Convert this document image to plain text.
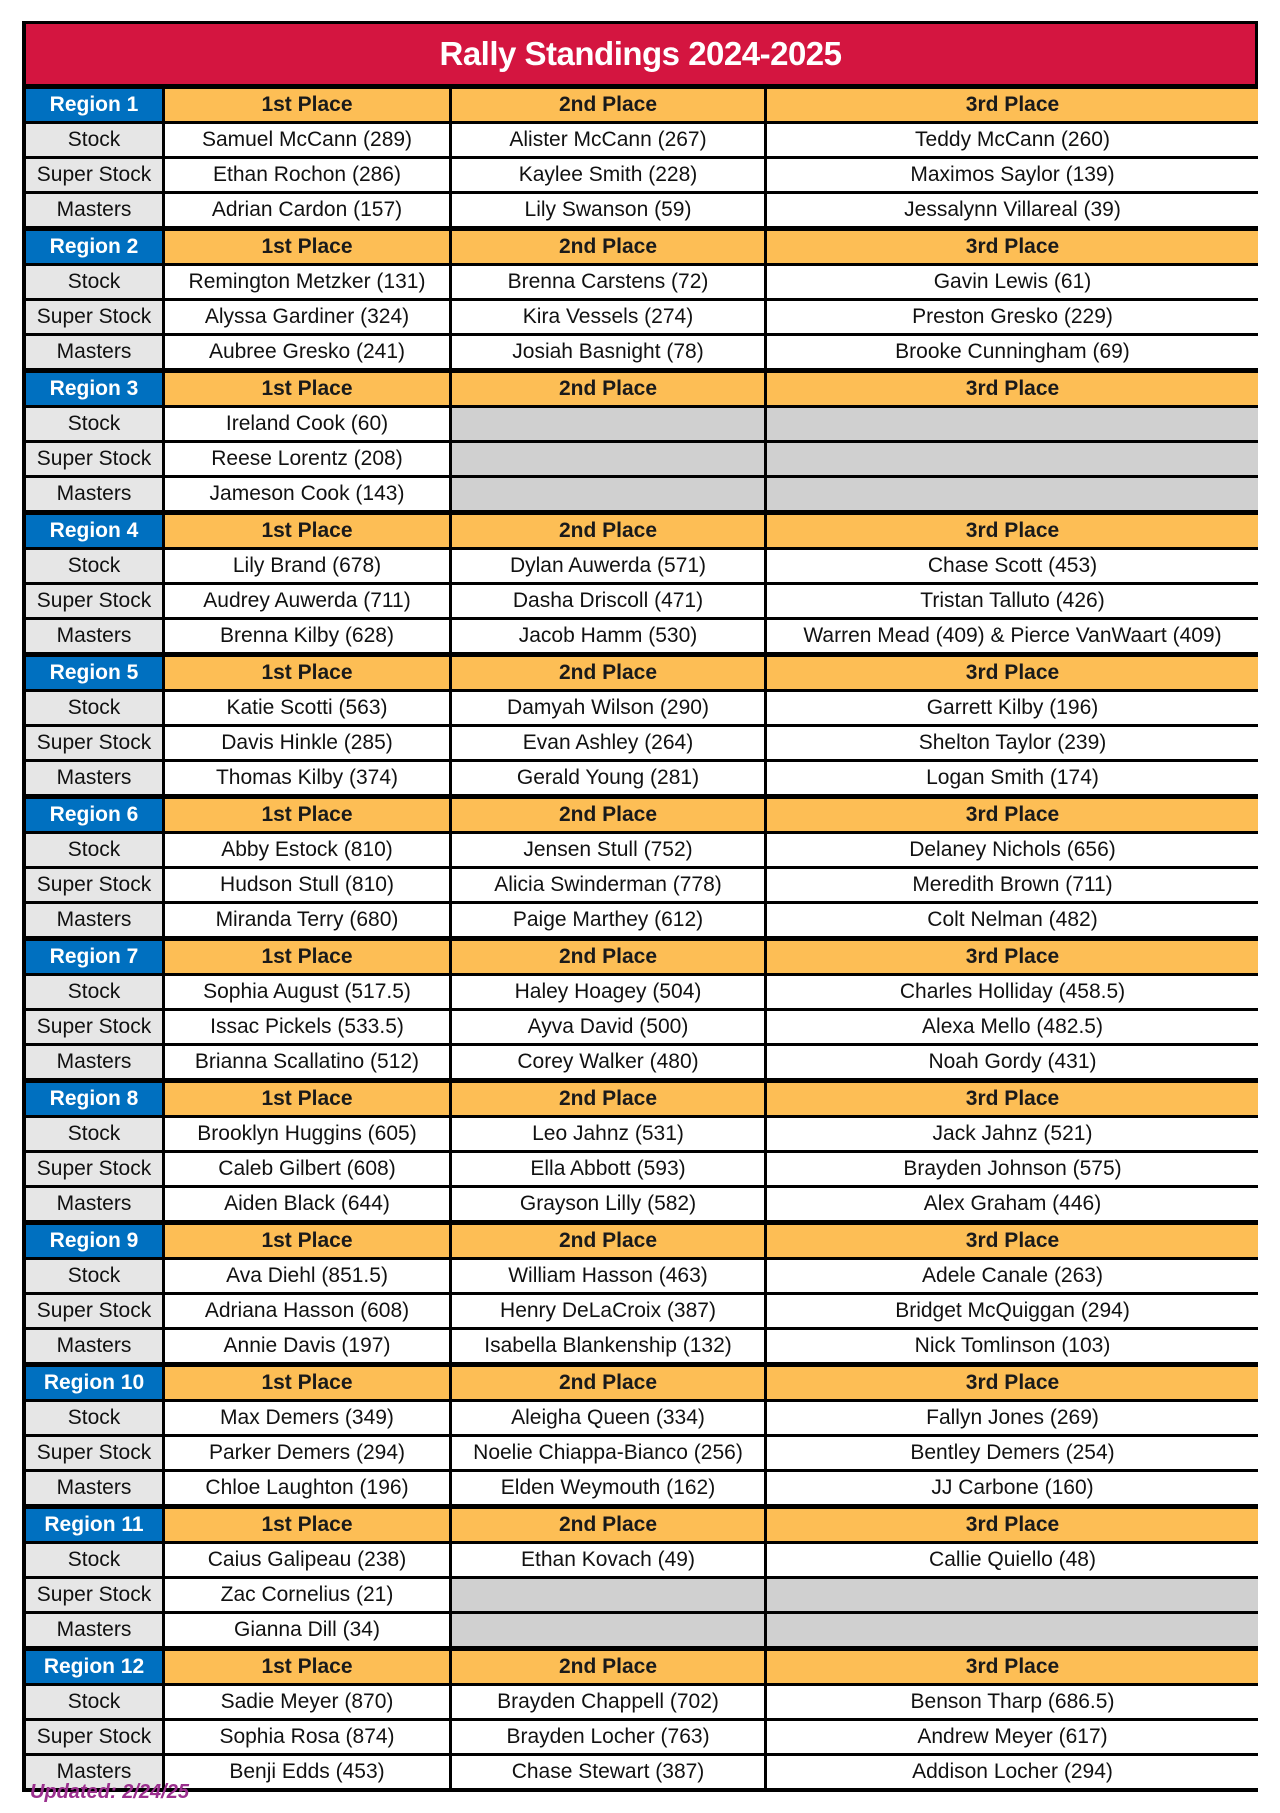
Rally Standings 2024-2025
Region 1	1st Place	2nd Place	3rd Place
Stock	Samuel McCann (289)	Alister McCann (267)	Teddy McCann (260)
Super Stock	Ethan Rochon (286)	Kaylee Smith (228)	Maximos Saylor (139)
Masters	Adrian Cardon (157)	Lily Swanson (59)	Jessalynn Villareal (39)
Region 2	1st Place	2nd Place	3rd Place
Stock	Remington Metzker (131)	Brenna Carstens (72)	Gavin Lewis (61)
Super Stock	Alyssa Gardiner (324)	Kira Vessels (274)	Preston Gresko (229)
Masters	Aubree Gresko (241)	Josiah Basnight (78)	Brooke Cunningham (69)
Region 3	1st Place	2nd Place	3rd Place
Stock	Ireland Cook (60)
Super Stock	Reese Lorentz (208)
Masters	Jameson Cook (143)
Region 4	1st Place	2nd Place	3rd Place
Stock	Lily Brand (678)	Dylan Auwerda (571)	Chase Scott (453)
Super Stock	Audrey Auwerda (711)	Dasha Driscoll (471)	Tristan Talluto (426)
Masters	Brenna Kilby (628)	Jacob Hamm (530)	Warren Mead (409) & Pierce VanWaart (409)
Region 5	1st Place	2nd Place	3rd Place
Stock	Katie Scotti (563)	Damyah Wilson (290)	Garrett Kilby (196)
Super Stock	Davis Hinkle (285)	Evan Ashley (264)	Shelton Taylor (239)
Masters	Thomas Kilby (374)	Gerald Young (281)	Logan Smith (174)
Region 6	1st Place	2nd Place	3rd Place
Stock	Abby Estock (810)	Jensen Stull (752)	Delaney Nichols (656)
Super Stock	Hudson Stull (810)	Alicia Swinderman (778)	Meredith Brown (711)
Masters	Miranda Terry (680)	Paige Marthey (612)	Colt Nelman (482)
Region 7	1st Place	2nd Place	3rd Place
Stock	Sophia August (517.5)	Haley Hoagey (504)	Charles Holliday (458.5)
Super Stock	Issac Pickels (533.5)	Ayva David (500)	Alexa Mello (482.5)
Masters	Brianna Scallatino (512)	Corey Walker (480)	Noah Gordy (431)
Region 8	1st Place	2nd Place	3rd Place
Stock	Brooklyn Huggins (605)	Leo Jahnz (531)	Jack Jahnz (521)
Super Stock	Caleb Gilbert (608)	Ella Abbott (593)	Brayden Johnson (575)
Masters	Aiden Black (644)	Grayson Lilly (582)	Alex Graham (446)
Region 9	1st Place	2nd Place	3rd Place
Stock	Ava Diehl (851.5)	William Hasson (463)	Adele Canale (263)
Super Stock	Adriana Hasson (608)	Henry DeLaCroix (387)	Bridget McQuiggan (294)
Masters	Annie Davis (197)	Isabella Blankenship (132)	Nick Tomlinson (103)
Region 10	1st Place	2nd Place	3rd Place
Stock	Max Demers (349)	Aleigha Queen (334)	Fallyn Jones (269)
Super Stock	Parker Demers (294)	Noelie Chiappa-Bianco (256)	Bentley Demers (254)
Masters	Chloe Laughton (196)	Elden Weymouth (162)	JJ Carbone (160)
Region 11	1st Place	2nd Place	3rd Place
Stock	Caius Galipeau (238)	Ethan Kovach (49)	Callie Quiello (48)
Super Stock	Zac Cornelius (21)
Masters	Gianna Dill (34)
Region 12	1st Place	2nd Place	3rd Place
Stock	Sadie Meyer (870)	Brayden Chappell (702)	Benson Tharp (686.5)
Super Stock	Sophia Rosa (874)	Brayden Locher (763)	Andrew Meyer (617)
Masters	Benji Edds (453)	Chase Stewart (387)	Addison Locher (294)
Updated: 2/24/25
